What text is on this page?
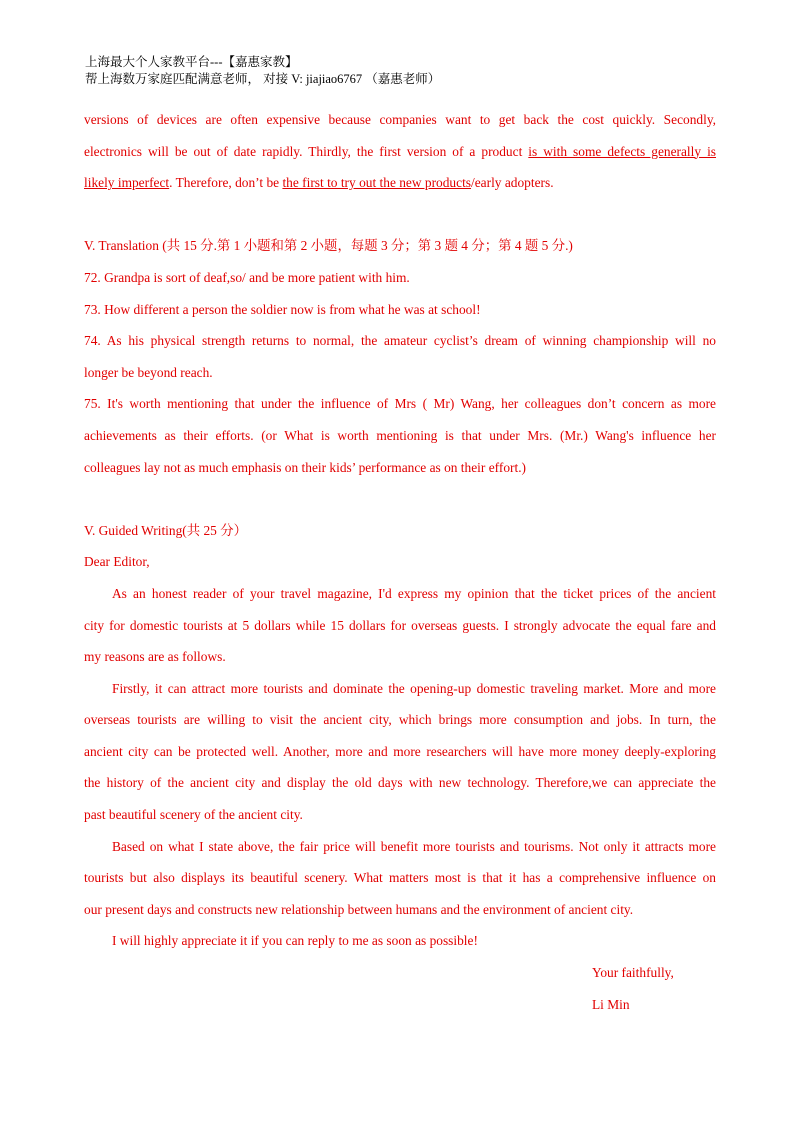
上海最大个人家教平台---【嘉惠家教】
帮上海数万家庭匹配满意老师， 对接 V: jiajiao6767 （嘉惠老师）
versions of devices are often expensive because companies want to get back the cost quickly. Secondly,
electronics will be out of date rapidly. Thirdly, the first version of a product is with some defects generally is
likely imperfect. Therefore, don’t be the first to try out the new products/early adopters.
V. Translation (共 15 分.第 1 小题和第 2 小题，每题 3 分；第 3 题 4 分；第 4 题 5 分.)
72. Grandpa is sort of deaf,so/ and be more patient with him.
73. How different a person the soldier now is from what he was at school!
74. As his physical strength returns to normal, the amateur cyclist’s dream of winning championship will no
longer be beyond reach.
75. It's worth mentioning that under the influence of Mrs ( Mr) Wang, her colleagues don’t concern as more
achievements as their efforts. (or What is worth mentioning is that under Mrs. (Mr.) Wang's influence her
colleagues lay not as much emphasis on their kids’ performance as on their effort.)
V. Guided Writing(共 25 分）
Dear Editor,
As an honest reader of your travel magazine, I'd express my opinion that the ticket prices of the ancient
city for domestic tourists at 5 dollars while 15 dollars for overseas guests. I strongly advocate the equal fare and
my reasons are as follows.
Firstly, it can attract more tourists and dominate the opening-up domestic traveling market. More and more
overseas tourists are willing to visit the ancient city, which brings more consumption and jobs. In turn, the
ancient city can be protected well. Another, more and more researchers will have more money deeply-exploring
the history of the ancient city and display the old days with new technology. Therefore,we can appreciate the
past beautiful scenery of the ancient city.
Based on what I state above, the fair price will benefit more tourists and tourisms. Not only it attracts more
tourists but also displays its beautiful scenery. What matters most is that it has a comprehensive influence on
our present days and constructs new relationship between humans and the environment of ancient city.
I will highly appreciate it if you can reply to me as soon as possible!
Your faithfully,
Li Min
